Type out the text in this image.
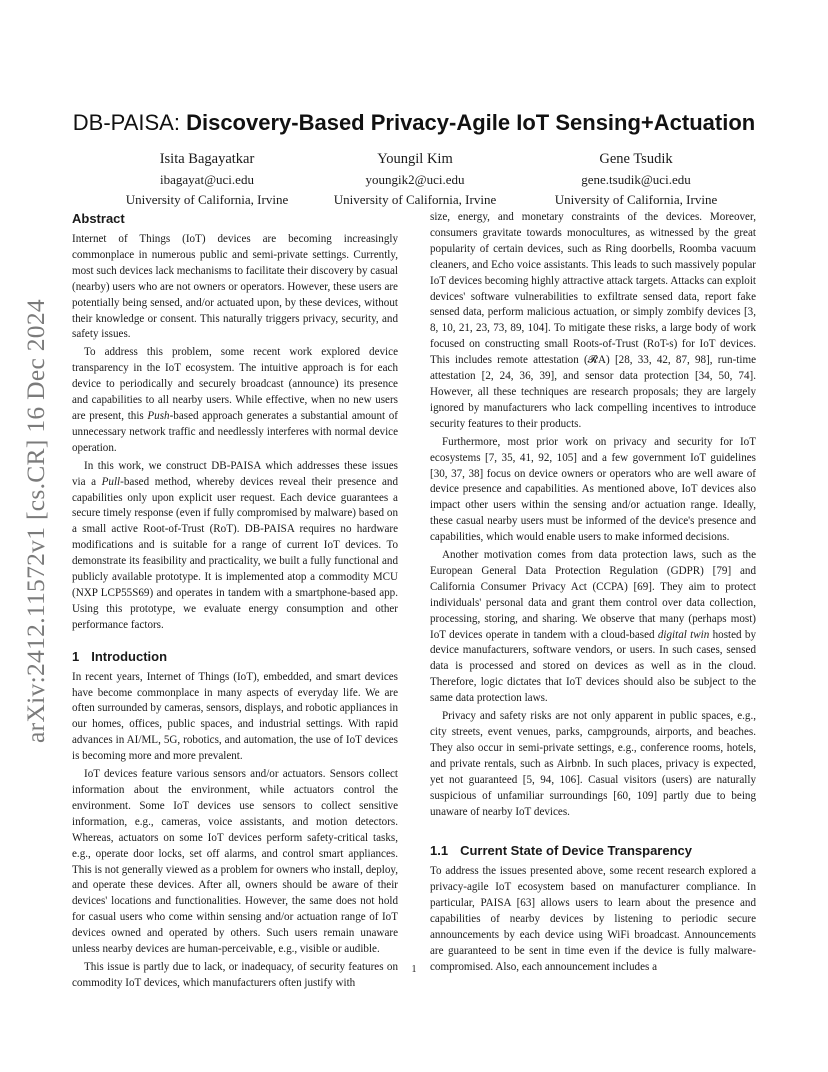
arXiv:2412.11572v1 [cs.CR] 16 Dec 2024
DB-PAISA: Discovery-Based Privacy-Agile IoT Sensing+Actuation
Isita Bagayatkar
ibagayat@uci.edu
University of California, Irvine
Youngil Kim
youngik2@uci.edu
University of California, Irvine
Gene Tsudik
gene.tsudik@uci.edu
University of California, Irvine
Abstract

Internet of Things (IoT) devices are becoming increasingly commonplace in numerous public and semi-private settings. Currently, most such devices lack mechanisms to facilitate their discovery by casual (nearby) users who are not owners or operators. However, these users are potentially being sensed, and/or actuated upon, by these devices, without their knowledge or consent. This naturally triggers privacy, security, and safety issues.

To address this problem, some recent work explored device transparency in the IoT ecosystem. The intuitive approach is for each device to periodically and securely broadcast (announce) its presence and capabilities to all nearby users. While effective, when no new users are present, this Push-based approach generates a substantial amount of unnecessary network traffic and needlessly interferes with normal device operation.

In this work, we construct DB-PAISA which addresses these issues via a Pull-based method, whereby devices reveal their presence and capabilities only upon explicit user request. Each device guarantees a secure timely response (even if fully compromised by malware) based on a small active Root-of-Trust (RoT). DB-PAISA requires no hardware modifications and is suitable for a range of current IoT devices. To demonstrate its feasibility and practicality, we built a fully functional and publicly available prototype. It is implemented atop a commodity MCU (NXP LCP55S69) and operates in tandem with a smartphone-based app. Using this prototype, we evaluate energy consumption and other performance factors.

1 Introduction

In recent years, Internet of Things (IoT), embedded, and smart devices have become commonplace in many aspects of everyday life. We are often surrounded by cameras, sensors, displays, and robotic appliances in our homes, offices, public spaces, and industrial settings. With rapid advances in AI/ML, 5G, robotics, and automation, the use of IoT devices is becoming more and more prevalent.

IoT devices feature various sensors and/or actuators. Sensors collect information about the environment, while actuators control the environment. Some IoT devices use sensors to collect sensitive information, e.g., cameras, voice assistants, and motion detectors. Whereas, actuators on some IoT devices perform safety-critical tasks, e.g., operate door locks, set off alarms, and control smart appliances. This is not generally viewed as a problem for owners who install, deploy, and operate these devices. After all, owners should be aware of their devices' locations and functionalities. However, the same does not hold for casual users who come within sensing and/or actuation range of IoT devices owned and operated by others. Such users remain unaware unless nearby devices are human-perceivable, e.g., visible or audible.

This issue is partly due to lack, or inadequacy, of security features on commodity IoT devices, which manufacturers often justify with

size, energy, and monetary constraints of the devices. Moreover, consumers gravitate towards monocultures, as witnessed by the great popularity of certain devices, such as Ring doorbells, Roomba vacuum cleaners, and Echo voice assistants. This leads to such massively popular IoT devices becoming highly attractive attack targets. Attacks can exploit devices' software vulnerabilities to exfiltrate sensed data, report fake sensed data, perform malicious actuation, or simply zombify devices [3, 8, 10, 21, 23, 73, 89, 104]. To mitigate these risks, a large body of work focused on constructing small Roots-of-Trust (RoT-s) for IoT devices. This includes remote attestation (𝓡A) [28, 33, 42, 87, 98], run-time attestation [2, 24, 36, 39], and sensor data protection [34, 50, 74]. However, all these techniques are research proposals; they are largely ignored by manufacturers who lack compelling incentives to introduce security features to their products.

Furthermore, most prior work on privacy and security for IoT ecosystems [7, 35, 41, 92, 105] and a few government IoT guidelines [30, 37, 38] focus on device owners or operators who are well aware of device presence and capabilities. As mentioned above, IoT devices also impact other users within the sensing and/or actuation range. Ideally, these casual nearby users must be informed of the device's presence and capabilities, which would enable users to make informed decisions.

Another motivation comes from data protection laws, such as the European General Data Protection Regulation (GDPR) [79] and California Consumer Privacy Act (CCPA) [69]. They aim to protect individuals' personal data and grant them control over data collection, processing, storing, and sharing. We observe that many (perhaps most) IoT devices operate in tandem with a cloud-based digital twin hosted by device manufacturers, software vendors, or users. In such cases, sensed data is processed and stored on devices as well as in the cloud. Therefore, logic dictates that IoT devices should also be subject to the same data protection laws.

Privacy and safety risks are not only apparent in public spaces, e.g., city streets, event venues, parks, campgrounds, airports, and beaches. They also occur in semi-private settings, e.g., conference rooms, hotels, and private rentals, such as Airbnb. In such places, privacy is expected, yet not guaranteed [5, 94, 106]. Casual visitors (users) are naturally suspicious of unfamiliar surroundings [60, 109] partly due to being unaware of nearby IoT devices.

1.1 Current State of Device Transparency

To address the issues presented above, some recent research explored a privacy-agile IoT ecosystem based on manufacturer compliance. In particular, PAISA [63] allows users to learn about the presence and capabilities of nearby devices by listening to periodic secure announcements by each device using WiFi broadcast. Announcements are guaranteed to be sent in time even if the device is fully malware-compromised. Also, each announcement includes a

1
